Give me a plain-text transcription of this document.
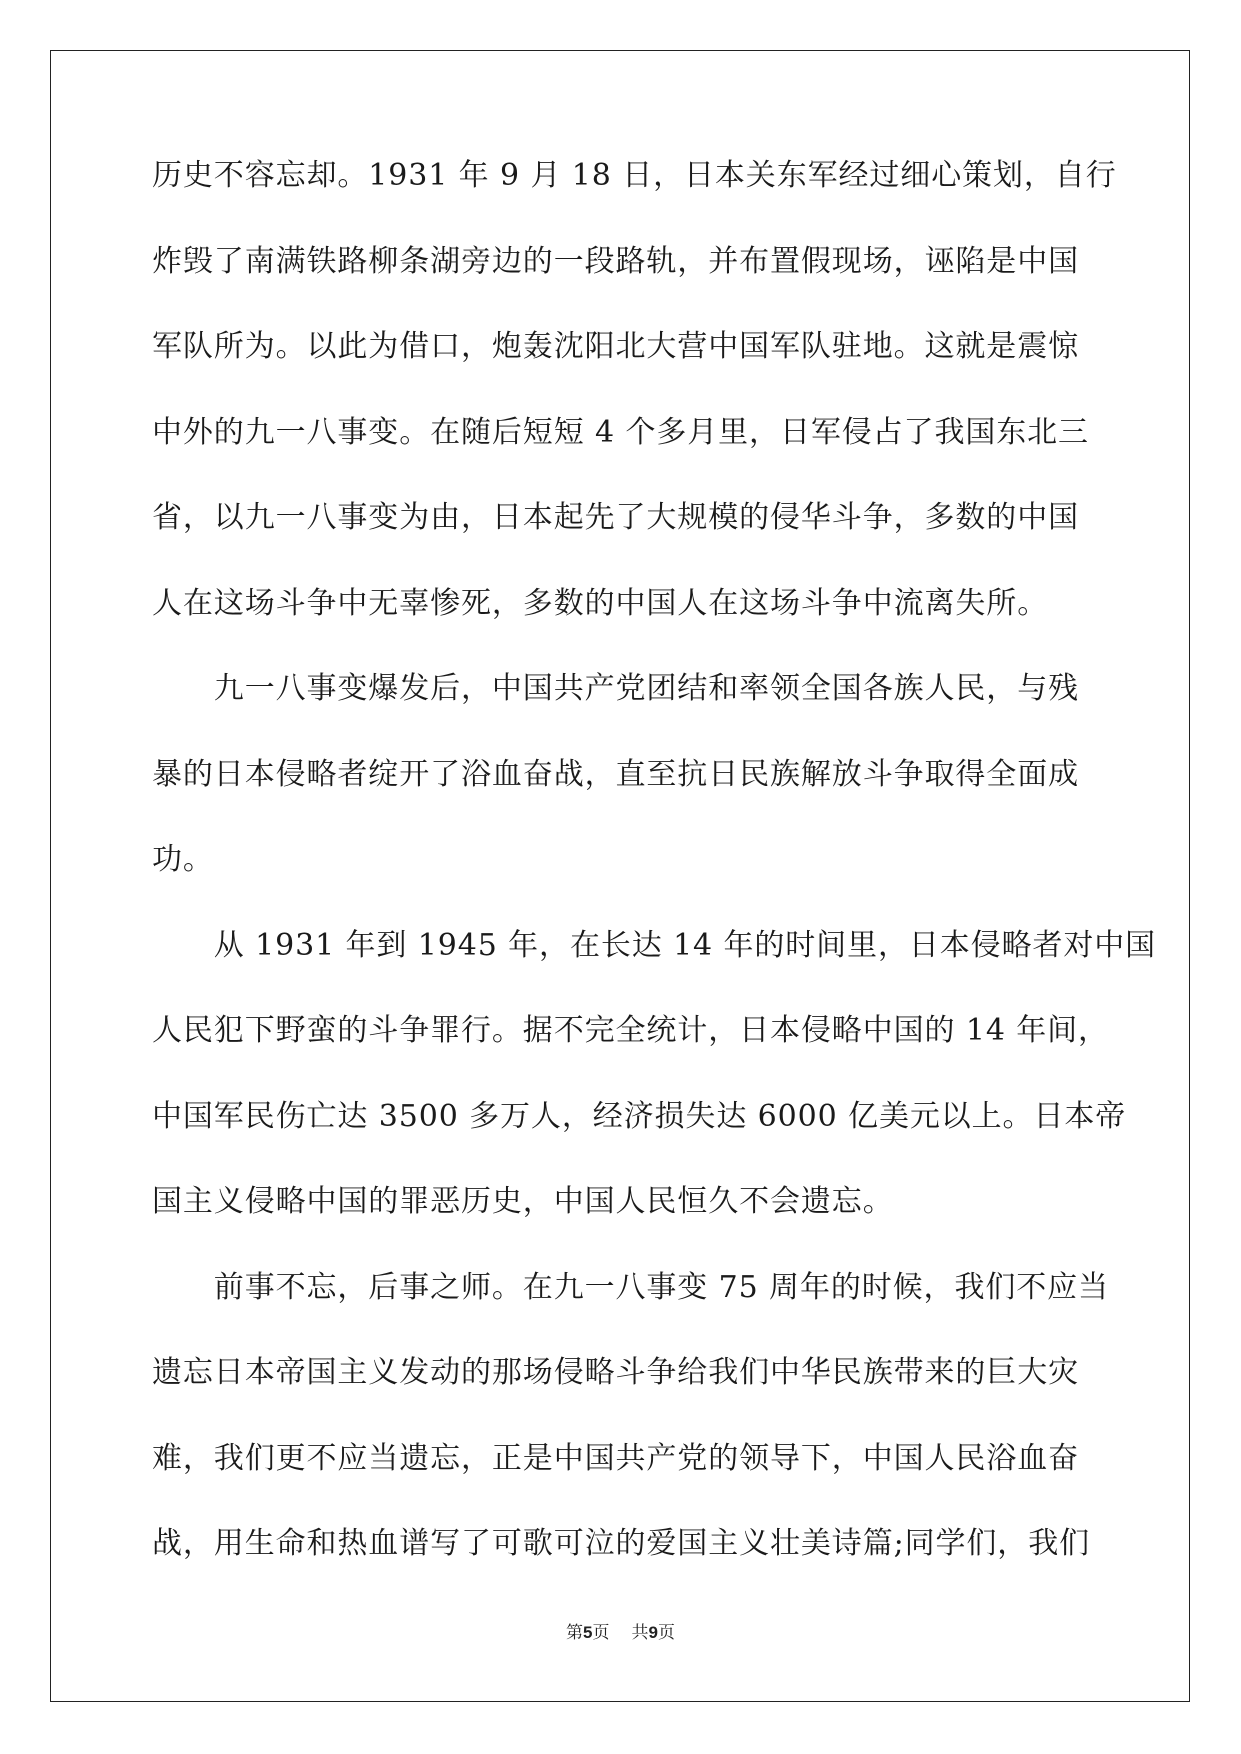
历史不容忘却。1931 年 9 月 18 日，日本关东军经过细心策划，自行
炸毁了南满铁路柳条湖旁边的一段路轨，并布置假现场，诬陷是中国
军队所为。以此为借口，炮轰沈阳北大营中国军队驻地。这就是震惊
中外的九一八事变。在随后短短 4 个多月里，日军侵占了我国东北三
省，以九一八事变为由，日本起先了大规模的侵华斗争，多数的中国
人在这场斗争中无辜惨死，多数的中国人在这场斗争中流离失所。
　　九一八事变爆发后，中国共产党团结和率领全国各族人民，与残
暴的日本侵略者绽开了浴血奋战，直至抗日民族解放斗争取得全面成
功。
　　从 1931 年到 1945 年，在长达 14 年的时间里，日本侵略者对中国
人民犯下野蛮的斗争罪行。据不完全统计，日本侵略中国的 14 年间，
中国军民伤亡达 3500 多万人，经济损失达 6000 亿美元以上。日本帝
国主义侵略中国的罪恶历史，中国人民恒久不会遗忘。
　　前事不忘，后事之师。在九一八事变 75 周年的时候，我们不应当
遗忘日本帝国主义发动的那场侵略斗争给我们中华民族带来的巨大灾
难，我们更不应当遗忘，正是中国共产党的领导下，中国人民浴血奋
战，用生命和热血谱写了可歌可泣的爱国主义壮美诗篇;同学们，我们
第5页 共9页
